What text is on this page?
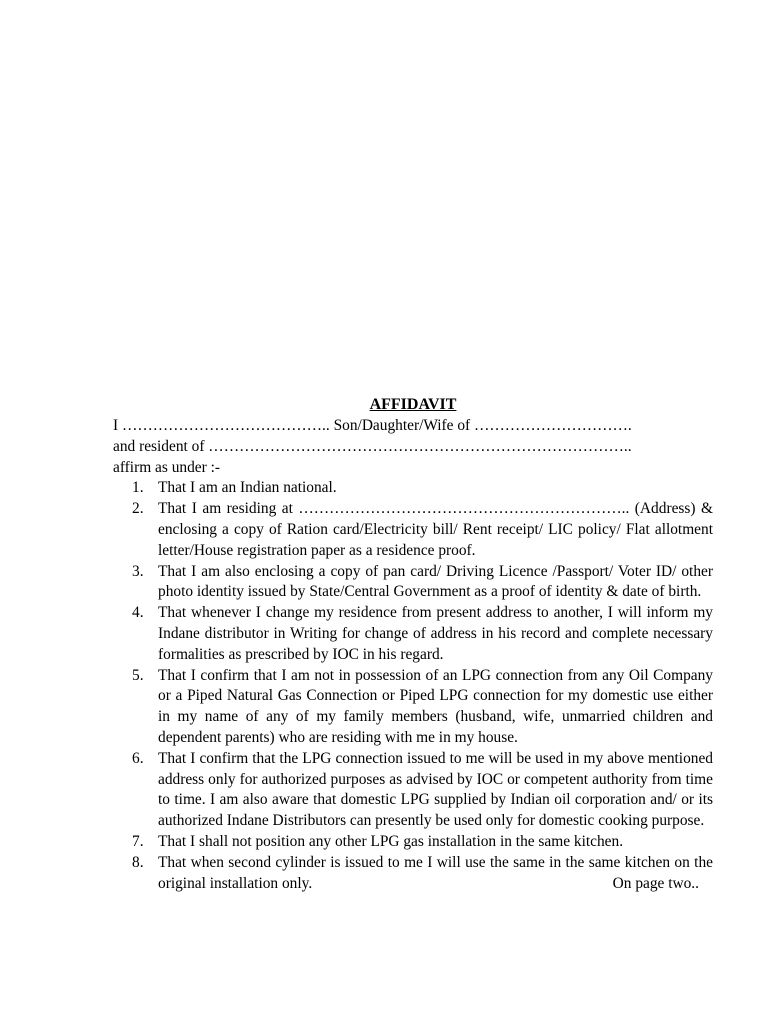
AFFIDAVIT

I ………………………………….. Son/Daughter/Wife of ………………………….

and resident of ………………………………………………………………………..

affirm as under :-

1. That I am an Indian national.
2. That I am residing at ……………………………………………………….. (Address) & enclosing a copy of Ration card/Electricity bill/ Rent receipt/ LIC policy/ Flat allotment letter/House registration paper as a residence proof.
3. That I am also enclosing a copy of pan card/ Driving Licence /Passport/ Voter ID/ other photo identity issued by State/Central Government as a proof of identity & date of birth.
4. That whenever I change my residence from present address to another, I will inform my Indane distributor in Writing for change of address in his record and complete necessary formalities as prescribed by IOC in his regard.
5. That I confirm that I am not in possession of an LPG connection from any Oil Company or a Piped Natural Gas Connection or Piped LPG connection for my domestic use either in my name of any of my family members (husband, wife, unmarried children and dependent parents) who are residing with me in my house.
6. That I confirm that the LPG connection issued to me will be used in my above mentioned address only for authorized purposes as advised by IOC or competent authority from time to time. I am also aware that domestic LPG supplied by Indian oil corporation and/ or its authorized Indane Distributors can presently be used only for domestic cooking purpose.
7. That I shall not position any other LPG gas installation in the same kitchen.
8. That when second cylinder is issued to me I will use the same in the same kitchen on the original installation only.	On page two..
